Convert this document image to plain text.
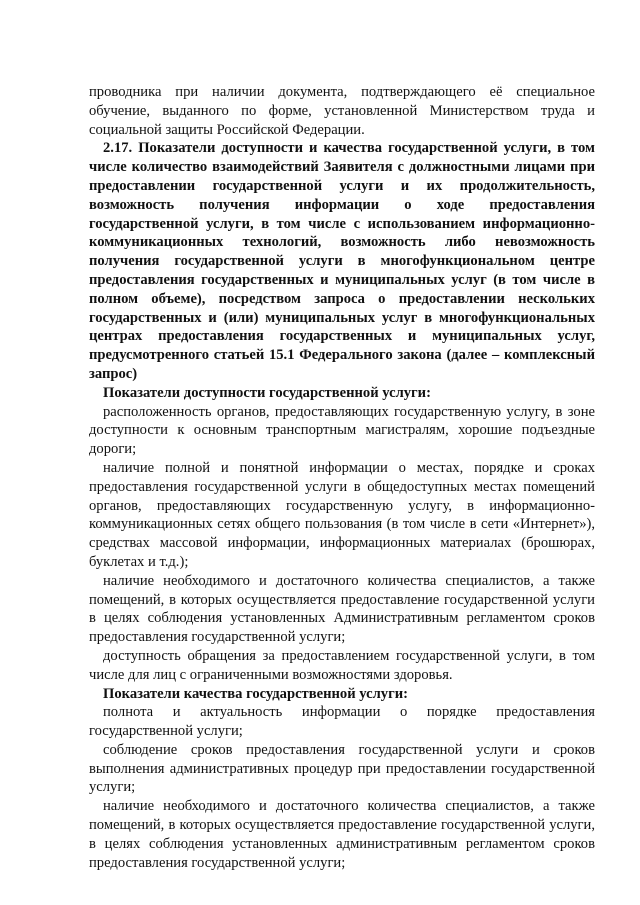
проводника при наличии документа, подтверждающего её специальное обучение, выданного по форме, установленной Министерством труда и социальной защиты Российской Федерации.

2.17. Показатели доступности и качества государственной услуги, в том числе количество взаимодействий Заявителя с должностными лицами при предоставлении государственной услуги и их продолжительность, возможность получения информации о ходе предоставления государственной услуги, в том числе с использованием информационно-коммуникационных технологий, возможность либо невозможность получения государственной услуги в многофункциональном центре предоставления государственных и муниципальных услуг (в том числе в полном объеме), посредством запроса о предоставлении нескольких государственных и (или) муниципальных услуг в многофункциональных центрах предоставления государственных и муниципальных услуг, предусмотренного статьей 15.1 Федерального закона (далее – комплексный запрос)

Показатели доступности государственной услуги:

расположенность органов, предоставляющих государственную услугу, в зоне доступности к основным транспортным магистралям, хорошие подъездные дороги;

наличие полной и понятной информации о местах, порядке и сроках предоставления государственной услуги в общедоступных местах помещений органов, предоставляющих государственную услугу, в информационно-коммуникационных сетях общего пользования (в том числе в сети «Интернет»), средствах массовой информации, информационных материалах (брошюрах, буклетах и т.д.);

наличие необходимого и достаточного количества специалистов, а также помещений, в которых осуществляется предоставление государственной услуги в целях соблюдения установленных Административным регламентом сроков предоставления государственной услуги;

доступность обращения за предоставлением государственной услуги, в том числе для лиц с ограниченными возможностями здоровья.

Показатели качества государственной услуги:

полнота и актуальность информации о порядке предоставления государственной услуги;

соблюдение сроков предоставления государственной услуги и сроков выполнения административных процедур при предоставлении государственной услуги;

наличие необходимого и достаточного количества специалистов, а также помещений, в которых осуществляется предоставление государственной услуги, в целях соблюдения установленных административным регламентом сроков предоставления государственной услуги;
